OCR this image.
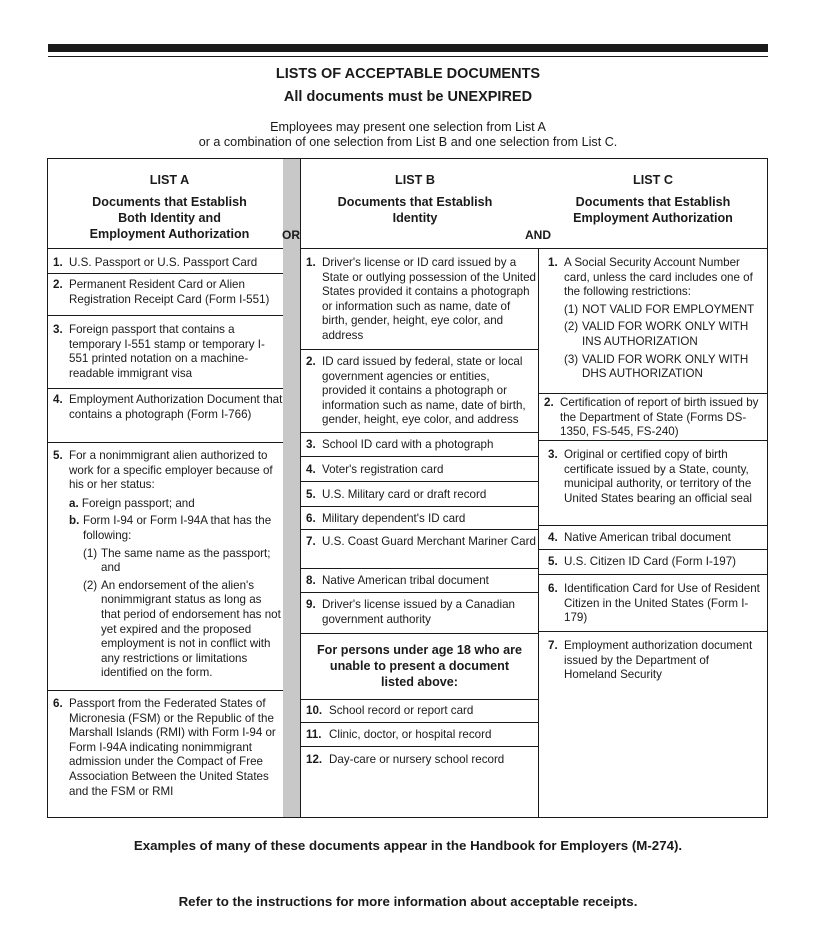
LISTS OF ACCEPTABLE DOCUMENTS
All documents must be UNEXPIRED
Employees may present one selection from List A
or a combination of one selection from List B and one selection from List C.
LIST A
Documents that Establish
Both Identity and
Employment Authorization
LIST B
Documents that Establish
Identity
LIST C
Documents that Establish
Employment Authorization
OR	AND
1. U.S. Passport or U.S. Passport Card
2. Permanent Resident Card or Alien Registration Receipt Card (Form I-551)
3. Foreign passport that contains a temporary I-551 stamp or temporary I-551 printed notation on a machine-readable immigrant visa
4. Employment Authorization Document that contains a photograph (Form I-766)
5. For a nonimmigrant alien authorized to work for a specific employer because of his or her status:
a. Foreign passport; and
b. Form I-94 or Form I-94A that has the following:
(1) The same name as the passport; and
(2) An endorsement of the alien's nonimmigrant status as long as that period of endorsement has not yet expired and the proposed employment is not in conflict with any restrictions or limitations identified on the form.
6. Passport from the Federated States of Micronesia (FSM) or the Republic of the Marshall Islands (RMI) with Form I-94 or Form I-94A indicating nonimmigrant admission under the Compact of Free Association Between the United States and the FSM or RMI
1. Driver's license or ID card issued by a State or outlying possession of the United States provided it contains a photograph or information such as name, date of birth, gender, height, eye color, and address
2. ID card issued by federal, state or local government agencies or entities, provided it contains a photograph or information such as name, date of birth, gender, height, eye color, and address
3. School ID card with a photograph
4. Voter's registration card
5. U.S. Military card or draft record
6. Military dependent's ID card
7. U.S. Coast Guard Merchant Mariner Card
8. Native American tribal document
9. Driver's license issued by a Canadian government authority
For persons under age 18 who are
unable to present a document
listed above:
10. School record or report card
11. Clinic, doctor, or hospital record
12. Day-care or nursery school record
1. A Social Security Account Number card, unless the card includes one of the following restrictions:
(1) NOT VALID FOR EMPLOYMENT
(2) VALID FOR WORK ONLY WITH INS AUTHORIZATION
(3) VALID FOR WORK ONLY WITH DHS AUTHORIZATION
2. Certification of report of birth issued by the Department of State (Forms DS-1350, FS-545, FS-240)
3. Original or certified copy of birth certificate issued by a State, county, municipal authority, or territory of the United States bearing an official seal
4. Native American tribal document
5. U.S. Citizen ID Card (Form I-197)
6. Identification Card for Use of Resident Citizen in the United States (Form I-179)
7. Employment authorization document issued by the Department of Homeland Security
Examples of many of these documents appear in the Handbook for Employers (M-274).
Refer to the instructions for more information about acceptable receipts.
